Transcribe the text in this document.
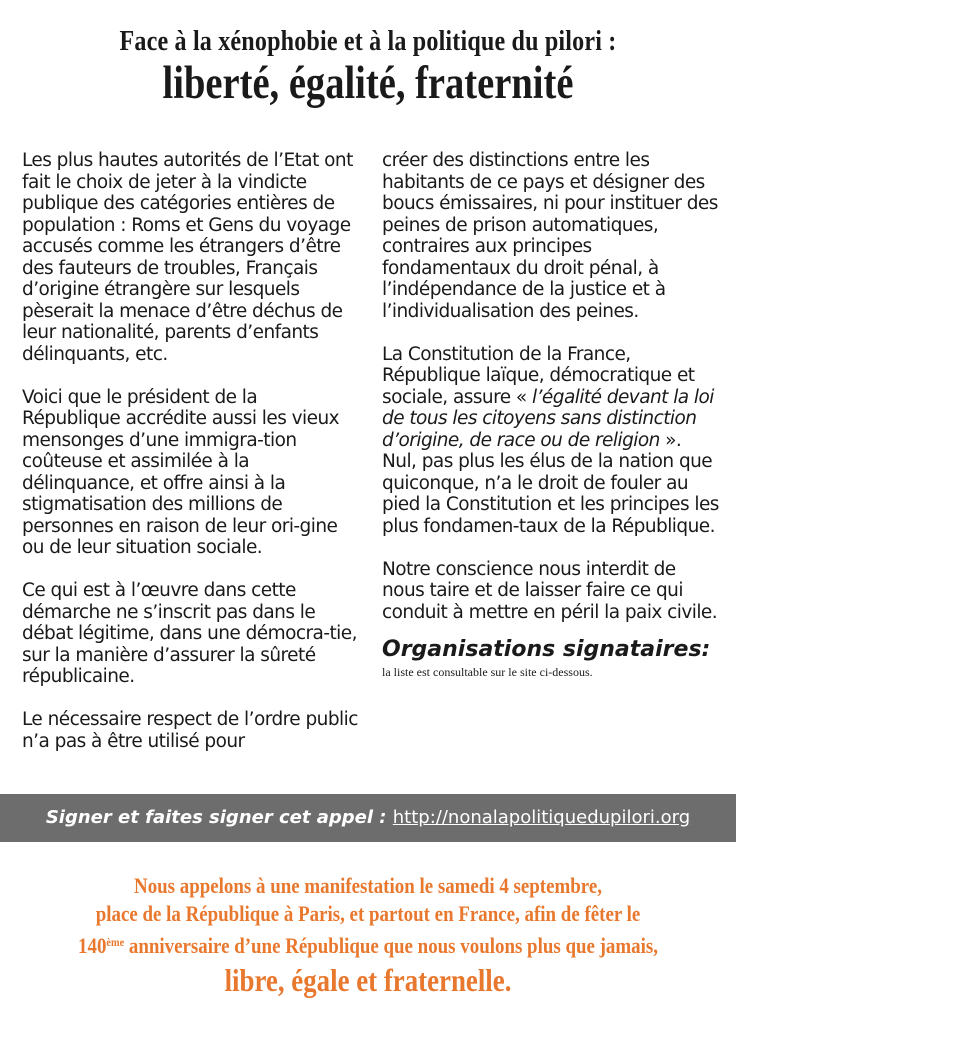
Face à la xénophobie et à la politique du pilori :
liberté, égalité, fraternité

Les plus hautes autorités de l’Etat ont fait le choix de jeter à la vindicte publique des catégories entières de population : Roms et Gens du voyage accusés comme les étrangers d’être des fauteurs de troubles, Français d’origine étrangère sur lesquels pèserait la menace d’être déchus de leur nationalité, parents d’enfants délinquants, etc.

Voici que le président de la République accrédite aussi les vieux mensonges d’une immigra-tion coûteuse et assimilée à la délinquance, et offre ainsi à la stigmatisation des millions de personnes en raison de leur ori-gine ou de leur situation sociale.

Ce qui est à l’œuvre dans cette démarche ne s’inscrit pas dans le débat légitime, dans une démocra-tie, sur la manière d’assurer la sûreté républicaine.

Le nécessaire respect de l’ordre public n’a pas à être utilisé pour

créer des distinctions entre les habitants de ce pays et désigner des boucs émissaires, ni pour instituer des peines de prison automatiques, contraires aux principes fondamentaux du droit pénal, à l’indépendance de la justice et à l’individualisation des peines.

La Constitution de la France, République laïque, démocratique et sociale, assure « l’égalité devant la loi de tous les citoyens sans distinction d’origine, de race ou de religion ».

Nul, pas plus les élus de la nation que quiconque, n’a le droit de fouler au pied la Constitution et les principes les plus fondamen-taux de la République.

Notre conscience nous interdit de nous taire et de laisser faire ce qui conduit à mettre en péril la paix civile.

Organisations signataires:
la liste est consultable sur le site ci-dessous.
Signer et faites signer cet appel : http://nonalapolitiquedupilori.org
Nous appelons à une manifestation le samedi 4 septembre,
place de la République à Paris, et partout en France, afin de fêter le
140ème anniversaire d’une République que nous voulons plus que jamais,
libre, égale et fraternelle.
